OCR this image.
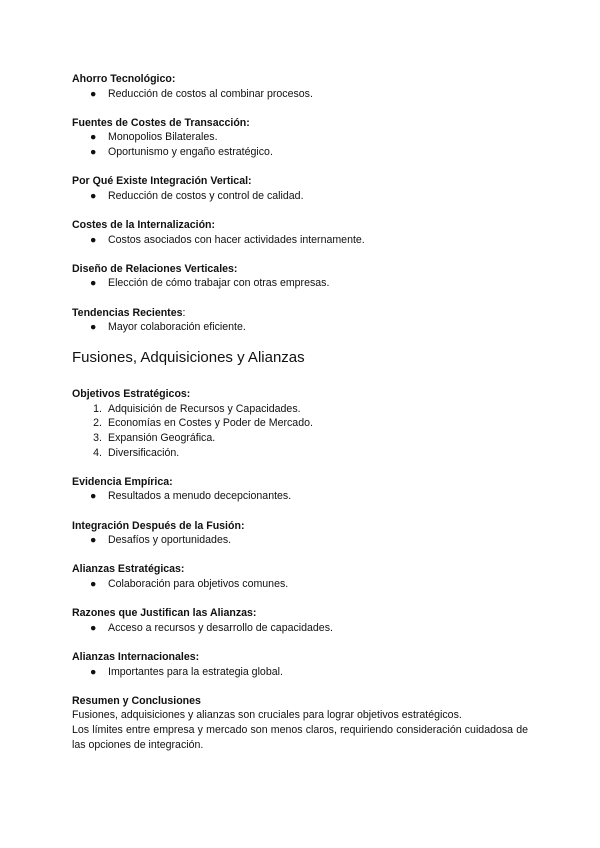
Ahorro Tecnológico:
● Reducción de costos al combinar procesos.
Fuentes de Costes de Transacción:
● Monopolios Bilaterales.
● Oportunismo y engaño estratégico.
Por Qué Existe Integración Vertical:
● Reducción de costos y control de calidad.
Costes de la Internalización:
● Costos asociados con hacer actividades internamente.
Diseño de Relaciones Verticales:
● Elección de cómo trabajar con otras empresas.
Tendencias Recientes:
● Mayor colaboración eficiente.
Fusiones, Adquisiciones y Alianzas
Objetivos Estratégicos:
1. Adquisición de Recursos y Capacidades.
2. Economías en Costes y Poder de Mercado.
3. Expansión Geográfica.
4. Diversificación.
Evidencia Empírica:
● Resultados a menudo decepcionantes.
Integración Después de la Fusión:
● Desafíos y oportunidades.
Alianzas Estratégicas:
● Colaboración para objetivos comunes.
Razones que Justifican las Alianzas:
● Acceso a recursos y desarrollo de capacidades.
Alianzas Internacionales:
● Importantes para la estrategia global.
Resumen y Conclusiones
Fusiones, adquisiciones y alianzas son cruciales para lograr objetivos estratégicos.
Los límites entre empresa y mercado son menos claros, requiriendo consideración cuidadosa de las opciones de integración.
